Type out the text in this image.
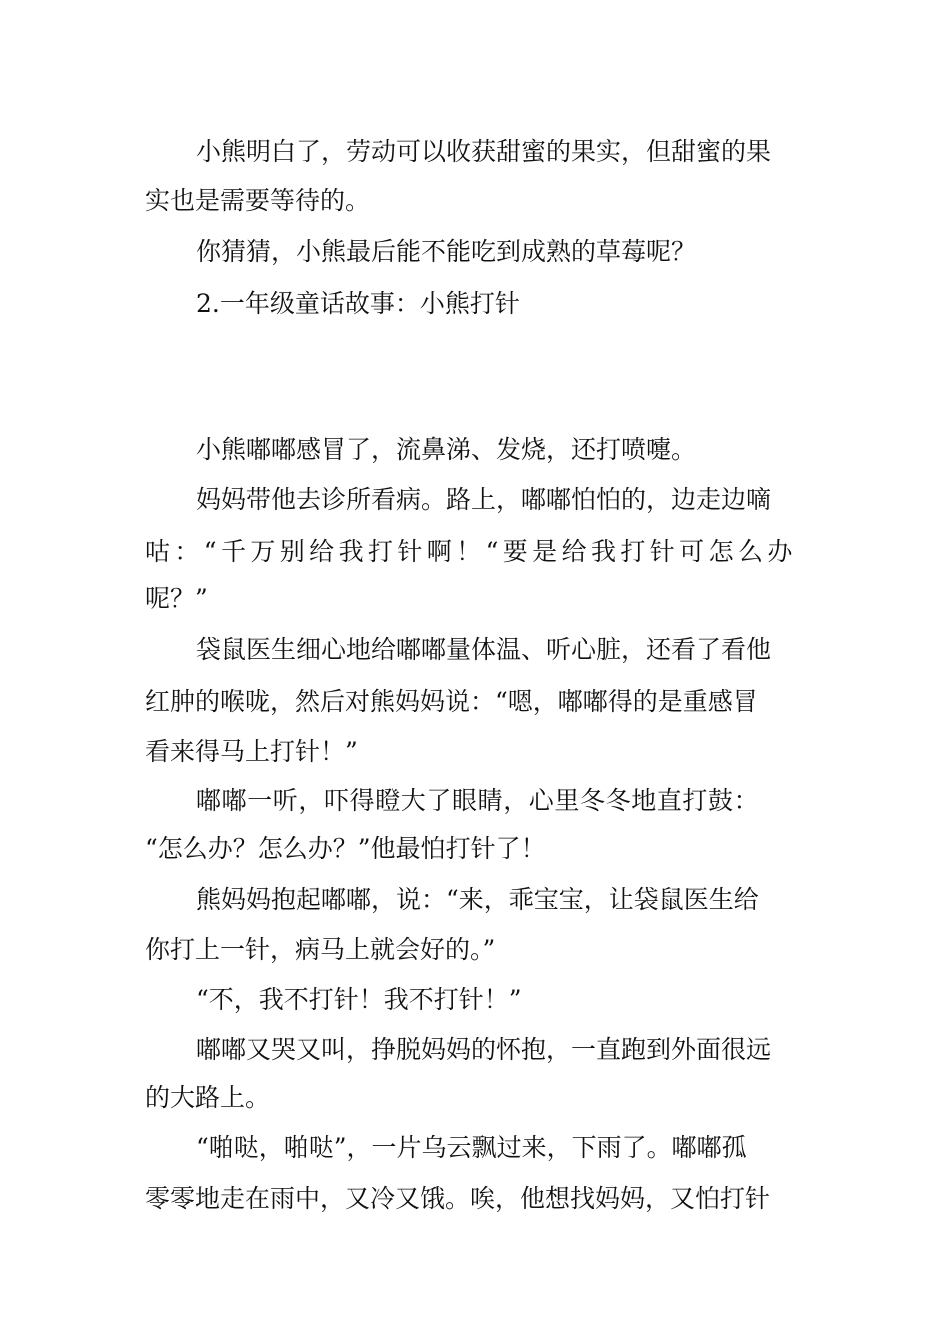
小熊明白了，劳动可以收获甜蜜的果实，但甜蜜的果

实也是需要等待的。

你猜猜，小熊最后能不能吃到成熟的草莓呢？

2.一年级童话故事：小熊打针

小熊嘟嘟感冒了，流鼻涕、发烧，还打喷嚏。

妈妈带他去诊所看病。路上，嘟嘟怕怕的，边走边嘀

咕：“千万别给我打针啊！“要是给我打针可怎么办

呢？”

袋鼠医生细心地给嘟嘟量体温、听心脏，还看了看他

红肿的喉咙，然后对熊妈妈说：“嗯，嘟嘟得的是重感冒

看来得马上打针！”

嘟嘟一听，吓得瞪大了眼睛，心里冬冬地直打鼓：

“怎么办？怎么办？”他最怕打针了！

熊妈妈抱起嘟嘟，说：“来，乖宝宝，让袋鼠医生给

你打上一针，病马上就会好的。”

“不，我不打针！我不打针！”

嘟嘟又哭又叫，挣脱妈妈的怀抱，一直跑到外面很远

的大路上。

“啪哒，啪哒”，一片乌云飘过来，下雨了。嘟嘟孤

零零地走在雨中，又冷又饿。唉，他想找妈妈，又怕打针
